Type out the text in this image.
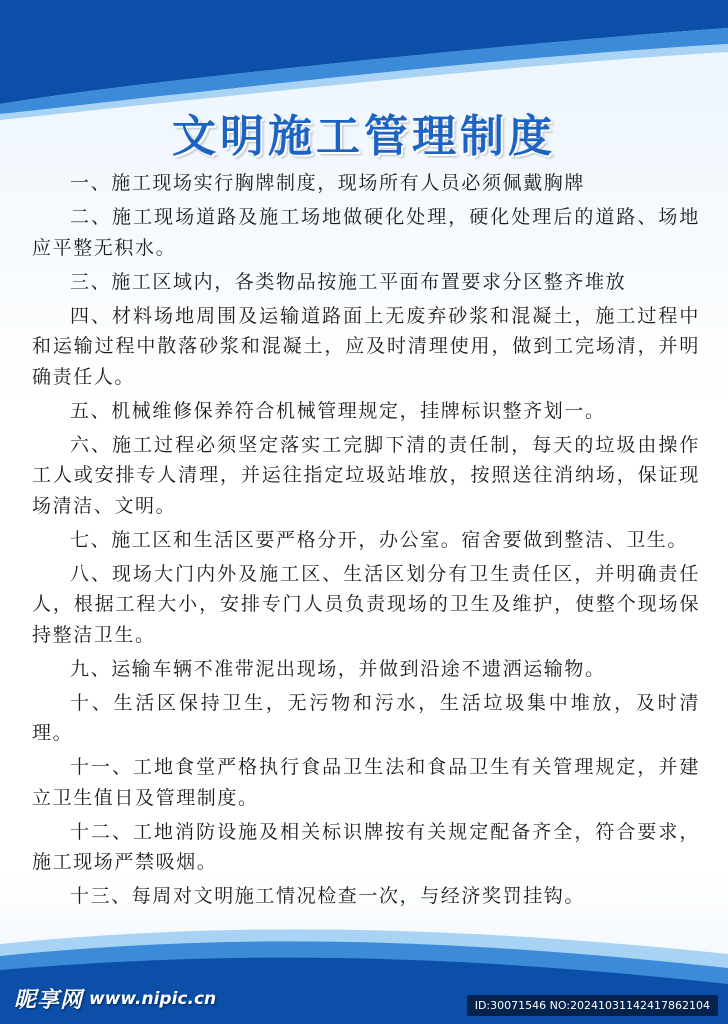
文明施工管理制度

一、施工现场实行胸牌制度，现场所有人员必须佩戴胸牌

二、施工现场道路及施工场地做硬化处理，硬化处理后的道路、场地应平整无积水。

三、施工区域内，各类物品按施工平面布置要求分区整齐堆放

四、材料场地周围及运输道路面上无废弃砂浆和混凝土，施工过程中和运输过程中散落砂浆和混凝土，应及时清理使用，做到工完场清，并明确责任人。

五、机械维修保养符合机械管理规定，挂牌标识整齐划一。

六、施工过程必须坚定落实工完脚下清的责任制，每天的垃圾由操作工人或安排专人清理，并运往指定垃圾站堆放，按照送往消纳场，保证现场清洁、文明。

七、施工区和生活区要严格分开，办公室。宿舍要做到整洁、卫生。

八、现场大门内外及施工区、生活区划分有卫生责任区，并明确责任人，根据工程大小，安排专门人员负责现场的卫生及维护，使整个现场保持整洁卫生。

九、运输车辆不准带泥出现场，并做到沿途不遗洒运输物。

十、生活区保持卫生，无污物和污水，生活垃圾集中堆放，及时清理。

十一、工地食堂严格执行食品卫生法和食品卫生有关管理规定，并建立卫生值日及管理制度。

十二、工地消防设施及相关标识牌按有关规定配备齐全，符合要求，施工现场严禁吸烟。

十三、每周对文明施工情况检查一次，与经济奖罚挂钩。

昵享网 www.nipic.cn	ID:30071546 NO:20241031142417862104
